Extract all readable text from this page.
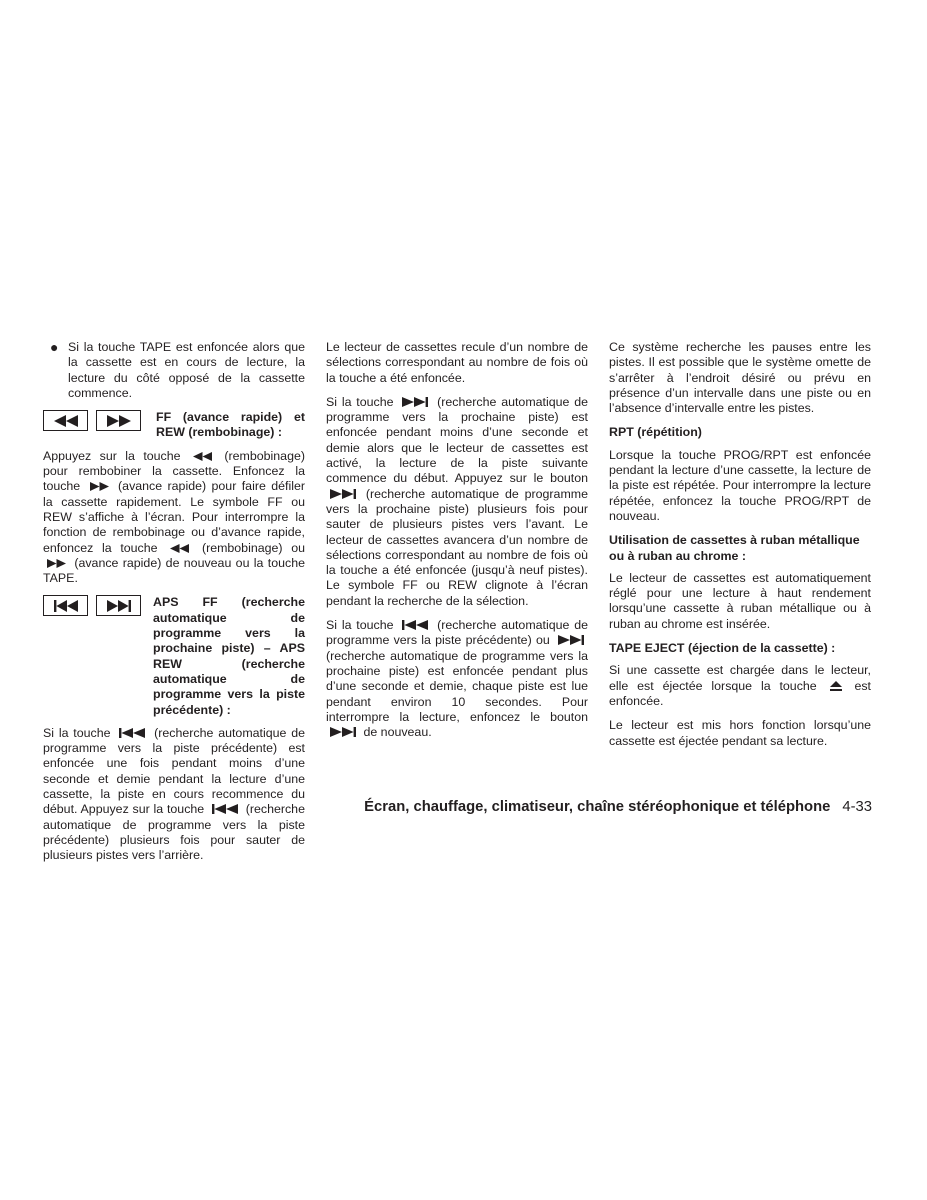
● Si la touche TAPE est enfoncée alors que la cassette est en cours de lecture, la lecture du côté opposé de la cassette commence.
FF (avance rapide) et REW (rembobinage) :

Appuyez sur la touche	(rembobinage) pour rembobiner la cassette. Enfoncez la touche	(avance rapide) pour faire défiler la cassette rapidement. Le symbole FF ou REW s’affiche à l’écran. Pour interrompre la fonction de rembobinage ou d’avance rapide, enfoncez la touche	(rembobinage) ou  (avance rapide) de nouveau ou la touche TAPE.

APS FF (recherche automatique de programme vers la prochaine piste) – APS REW (recherche automatique de programme vers la piste précédente) :

Si la touche	(recherche automatique de programme vers la piste précédente) est enfoncée une fois pendant moins d’une seconde et demie pendant la lecture d’une cassette, la piste en cours recommence du début. Appuyez sur la touche	(recherche automatique de programme vers la piste précédente) plusieurs fois pour sauter de plusieurs pistes vers l’arrière.

Le lecteur de cassettes recule d’un nombre de sélections correspondant au nombre de fois où la touche a été enfoncée.

Si la touche	(recherche automatique de programme vers la prochaine piste) est enfoncée pendant moins d’une seconde et demie alors que le lecteur de cassettes est activé, la lecture de la piste suivante commence du début. Appuyez sur le bouton  (recherche automatique de programme vers la prochaine piste) plusieurs fois pour sauter de plusieurs pistes vers l’avant. Le lecteur de cassettes avancera d’un nombre de sélections correspondant au nombre de fois où la touche a été enfoncée (jusqu’à neuf pistes). Le symbole FF ou REW clignote à l’écran pendant la recherche de la sélection.

Si la touche	(recherche automatique de programme vers la piste précédente) ou  (recherche automatique de programme vers la prochaine piste) est enfoncée pendant plus d’une seconde et demie, chaque piste est lue pendant environ 10 secondes. Pour interrompre la lecture, enfoncez le bouton  de nouveau.

Ce système recherche les pauses entre les pistes. Il est possible que le système omette de s’arrêter à l’endroit désiré ou prévu en présence d’un intervalle dans une piste ou en l’absence d’intervalle entre les pistes.

RPT (répétition)

Lorsque la touche PROG/RPT est enfoncée pendant la lecture d’une cassette, la lecture de la piste est répétée. Pour interrompre la lecture répétée, enfoncez la touche PROG/RPT de nouveau.

Utilisation de cassettes à ruban métallique ou à ruban au chrome :

Le lecteur de cassettes est automatiquement réglé pour une lecture à haut rendement lorsqu’une cassette à ruban métallique ou à ruban au chrome est insérée.

TAPE EJECT (éjection de la cassette) :

Si une cassette est chargée dans le lecteur, elle est éjectée lorsque la touche	est enfoncée.

Le lecteur est mis hors fonction lorsqu’une cassette est éjectée pendant sa lecture.

Écran, chauffage, climatiseur, chaîne stéréophonique et téléphone 4-33
